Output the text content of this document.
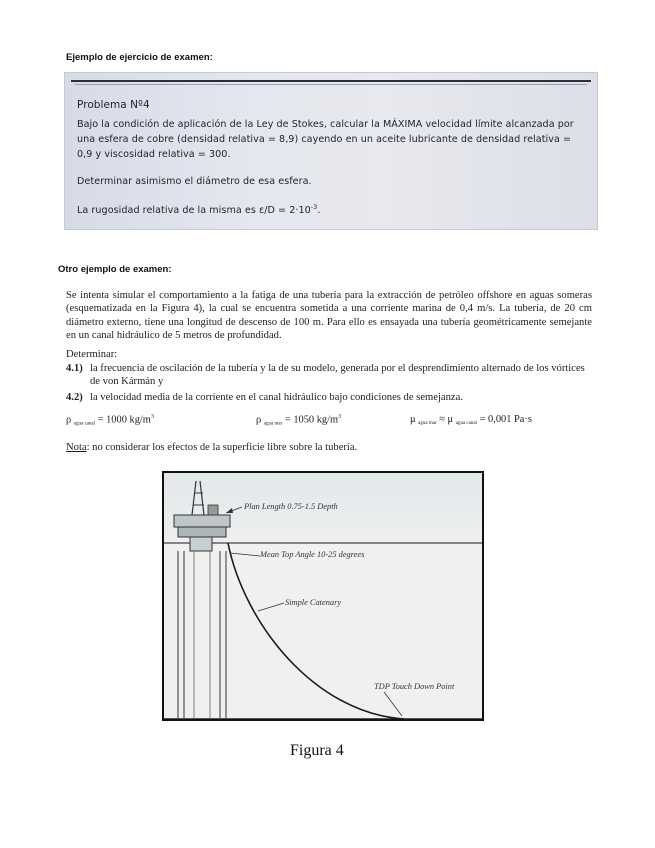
Ejemplo de ejercicio de examen:
Problema Nº4
Bajo la condición de aplicación de la Ley de Stokes, calcular la MÁXIMA velocidad límite alcanzada por una esfera de cobre (densidad relativa = 8,9) cayendo en un aceite lubricante de densidad relativa = 0,9 y viscosidad relativa = 300.
Determinar asimismo el diámetro de esa esfera.
La rugosidad relativa de la misma es $\varepsilon/D = 2\cdot 10^{-3}$.
Otro ejemplo de examen:
Se intenta simular el comportamiento a la fatiga de una tubería para la extracción de petróleo offshore en aguas someras (esquematizada en la Figura 4), la cual se encuentra sometida a una corriente marina de 0,4 m/s. La tubería, de 20 cm diámetro externo, tiene una longitud de descenso de 100 m. Para ello es ensayada una tubería geométricamente semejante en un canal hidráulico de 5 metros de profundidad.
Determinar:
4.1) la frecuencia de oscilación de la tubería y la de su modelo, generada por el desprendimiento alternado de los vórtices de von Kármán y
4.2) la velocidad media de la corriente en el canal hidráulico bajo condiciones de semejanza.
ρ $_{agua canal}$ = 1000 $kg/m^3$	ρ $_{agua mar}$ = 1050 $kg/m^3$	μ $_{agua mar}$ ≈ μ $_{agua canal}$ = 0,001 Pa·s
Nota: no considerar los efectos de la superficie libre sobre la tubería.
Plan Length 0.75-1.5 Depth
Mean Top Angle 10-25 degrees
Simple Catenary
TDP Touch Down Point
Figura 4
